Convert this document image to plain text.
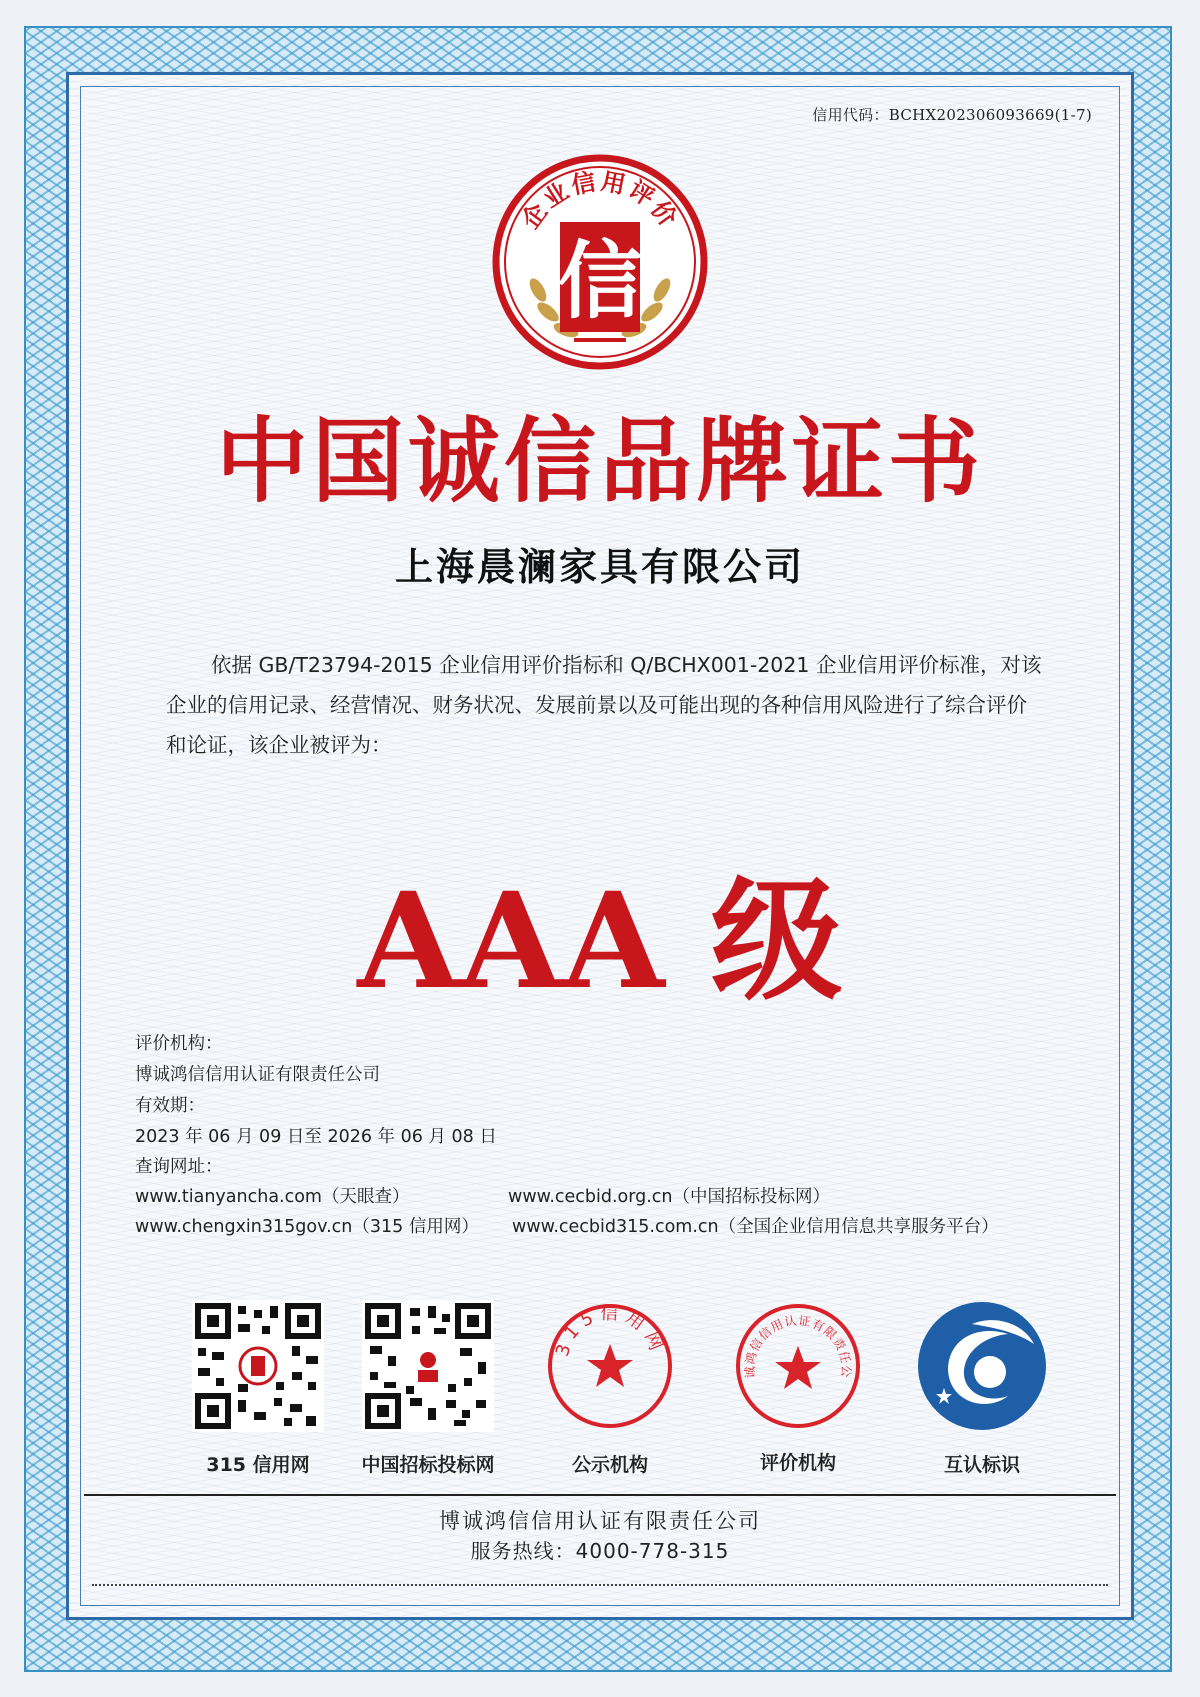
信用代码：BCHX202306093669(1-7)
企业信用评价
信
中国诚信品牌证书
上海晨澜家具有限公司
依据 GB/T23794-2015 企业信用评价指标和 Q/BCHX001-2021 企业信用评价标准，对该企业的信用记录、经营情况、财务状况、发展前景以及可能出现的各种信用风险进行了综合评价和论证，该企业被评为：
AAA 级
评价机构：
博诚鸿信信用认证有限责任公司
有效期：
2023 年 06 月 09 日至 2026 年 06 月 08 日
查询网址：
www.tianyancha.com（天眼查）	www.cecbid.org.cn（中国招标投标网）
www.chengxin315gov.cn（315 信用网） www.cecbid315.com.cn（全国企业信用信息共享服务平台）
315 信用网	中国招标投标网
315信用网
公示机构
诚鸿信信用认证有限责任公
评价机构	互认标识
博诚鸿信信用认证有限责任公司
服务热线：4000-778-315
